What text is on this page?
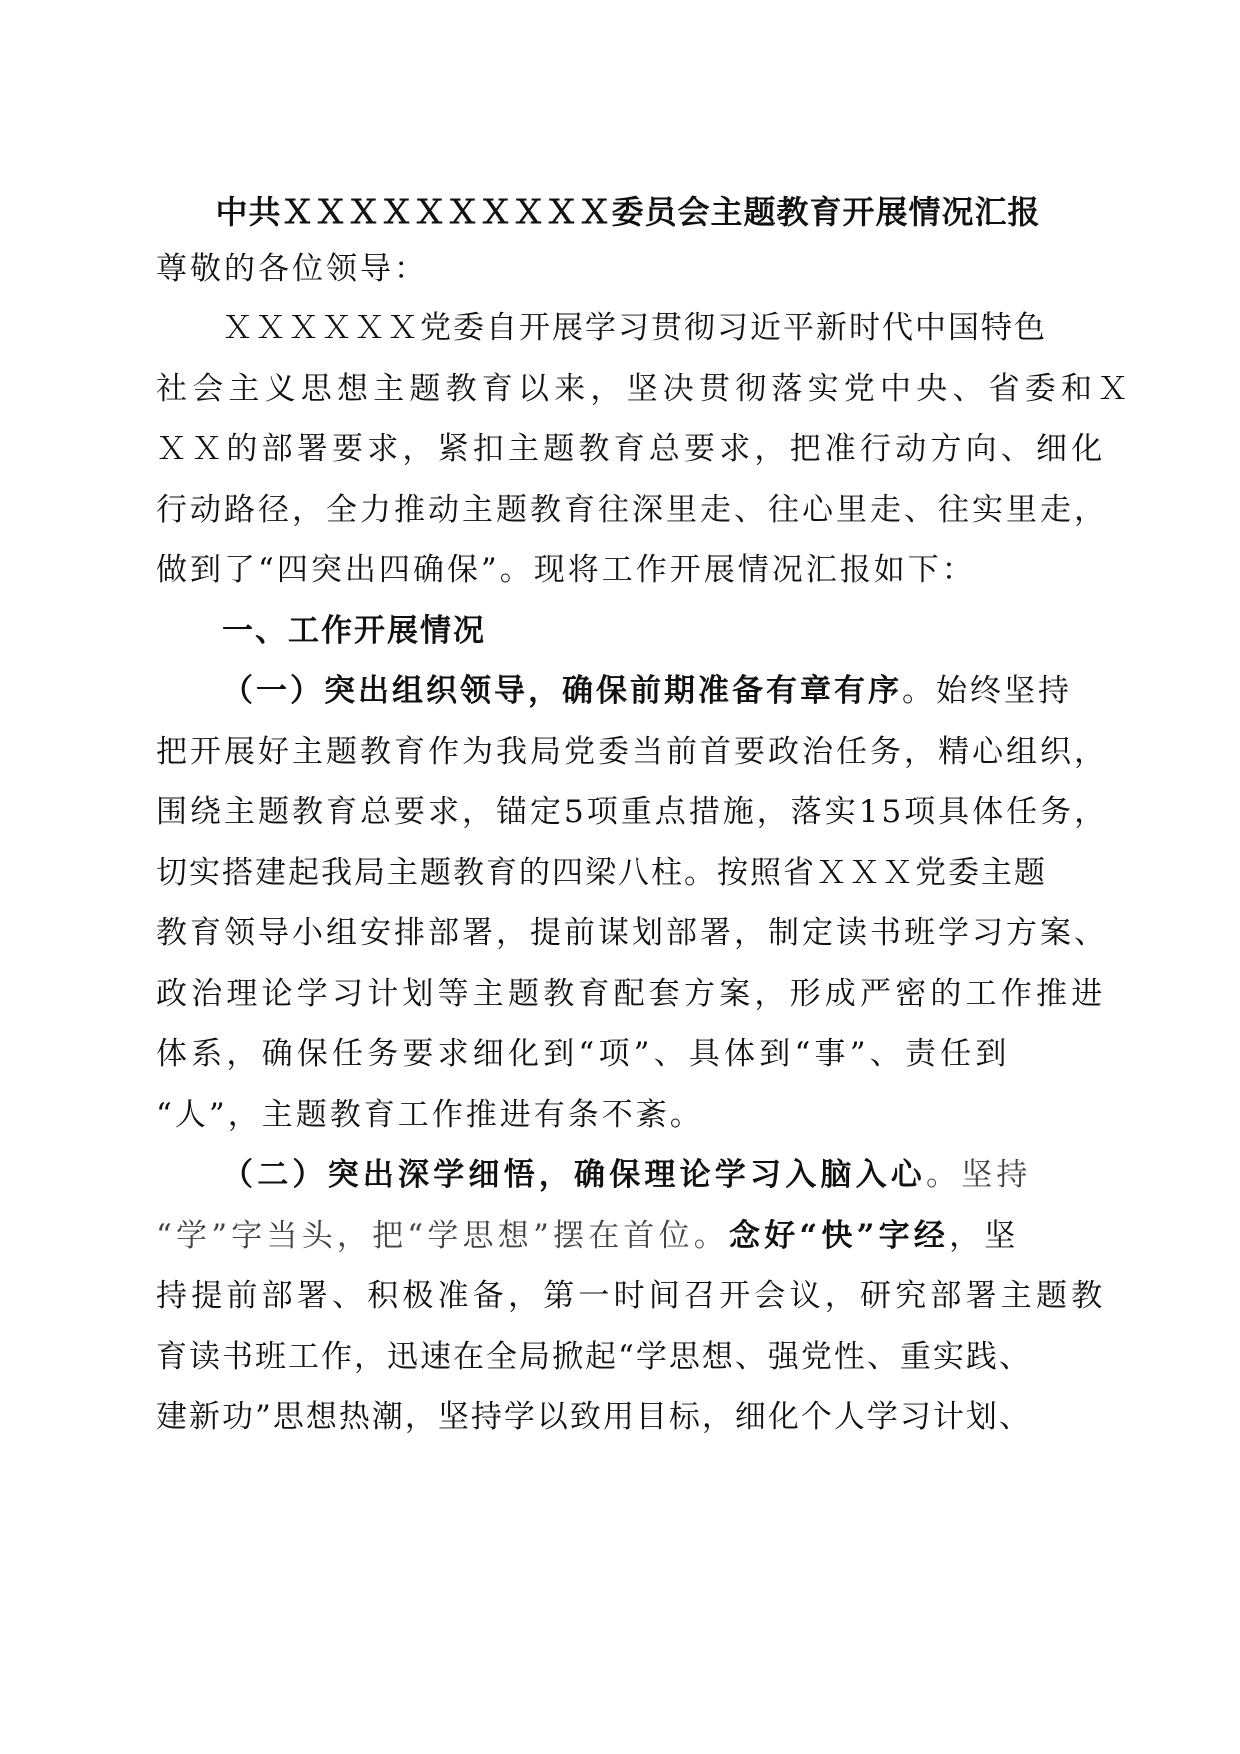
中共ＸＸＸＸＸＸＸＸＸＸ委员会主题教育开展情况汇报
尊敬的各位领导：
ＸＸＸＸＸＸ党委自开展学习贯彻习近平新时代中国特色
社会主义思想主题教育以来，坚决贯彻落实党中央、省委和Ｘ
ＸＸ的部署要求，紧扣主题教育总要求，把准行动方向、细化
行动路径，全力推动主题教育往深里走、往心里走、往实里走，
做到了“四突出四确保”。现将工作开展情况汇报如下：
一、工作开展情况
（一）突出组织领导，确保前期准备有章有序。始终坚持
把开展好主题教育作为我局党委当前首要政治任务，精心组织，
围绕主题教育总要求，锚定5项重点措施，落实15项具体任务，
切实搭建起我局主题教育的四梁八柱。按照省ＸＸＸ党委主题
教育领导小组安排部署，提前谋划部署，制定读书班学习方案、
政治理论学习计划等主题教育配套方案，形成严密的工作推进
体系，确保任务要求细化到“项”、具体到“事”、责任到
“人”，主题教育工作推进有条不紊。
（二）突出深学细悟，确保理论学习入脑入心。坚持
“学”字当头，把“学思想”摆在首位。念好“快”字经，坚
持提前部署、积极准备，第一时间召开会议，研究部署主题教
育读书班工作，迅速在全局掀起“学思想、强党性、重实践、
建新功”思想热潮，坚持学以致用目标，细化个人学习计划、
